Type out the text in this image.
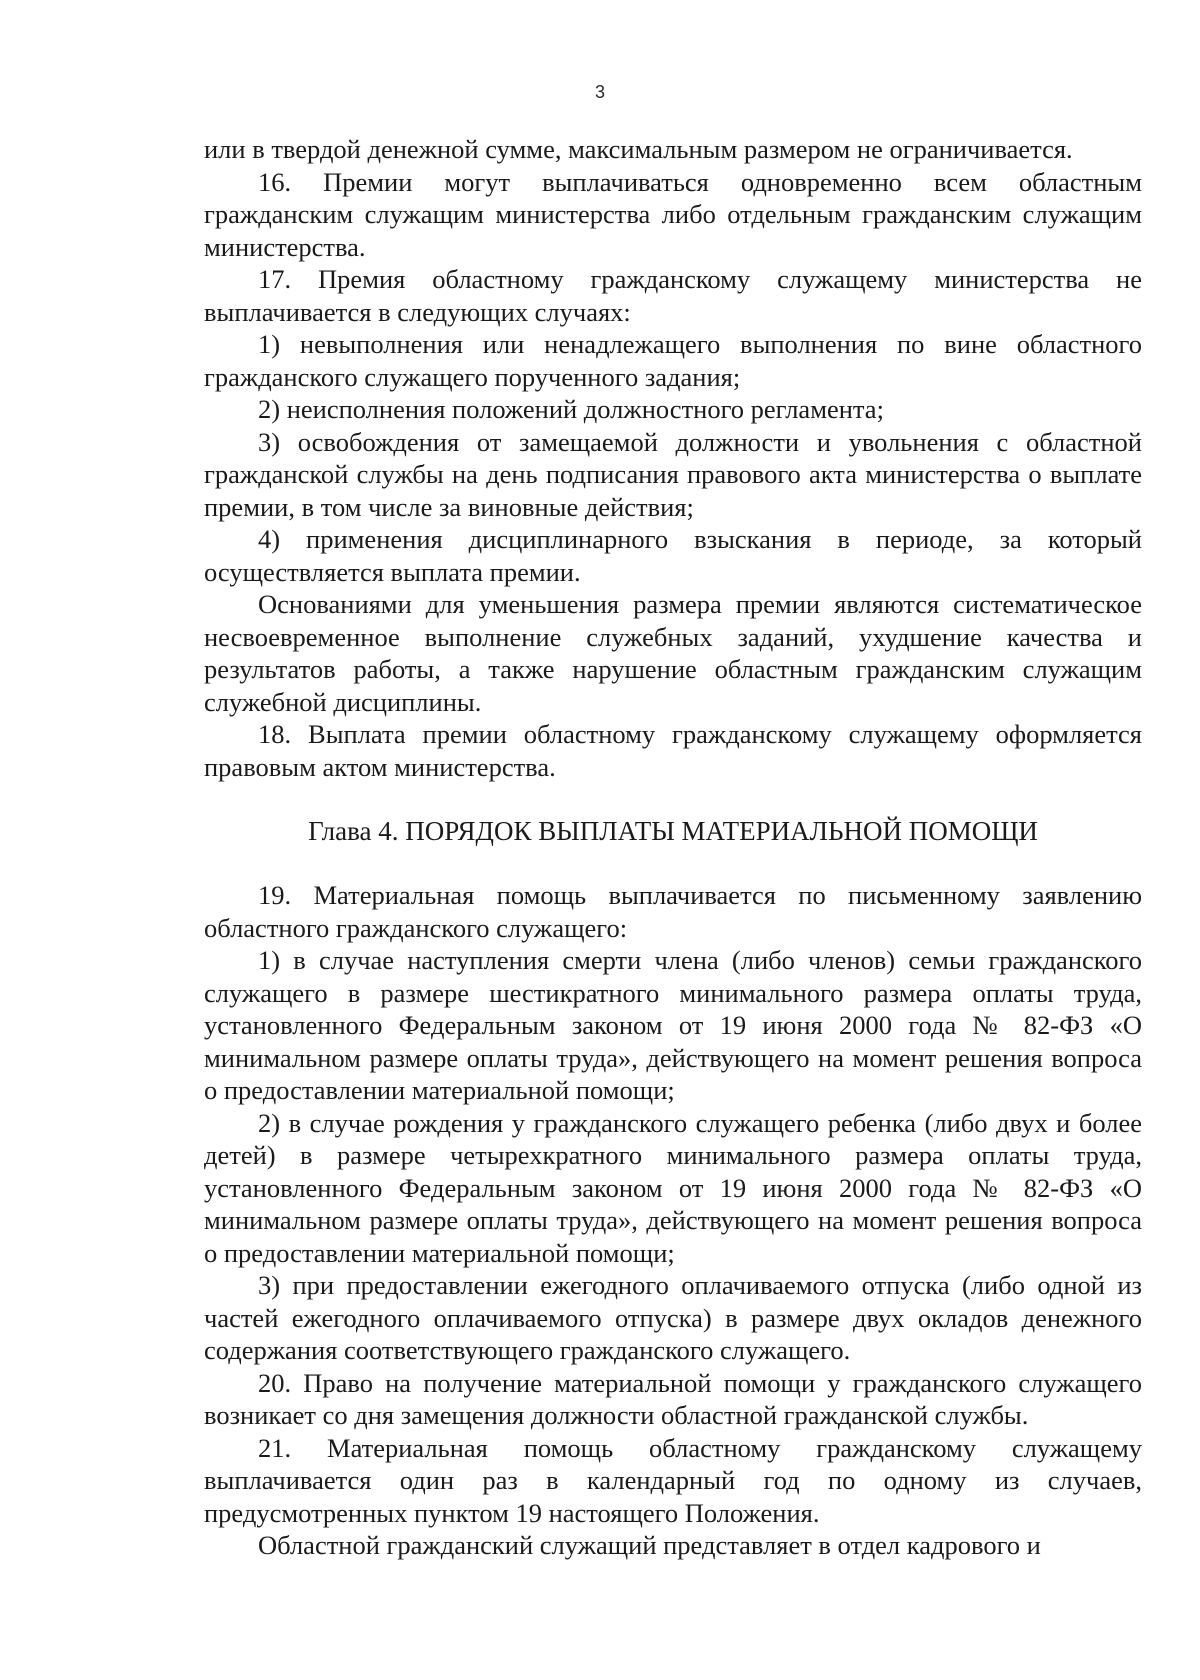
3

или в твердой денежной сумме, максимальным размером не ограничивается.

16. Премии могут выплачиваться одновременно всем областным гражданским служащим министерства либо отдельным гражданским служащим министерства.

17. Премия областному гражданскому служащему министерства не выплачивается в следующих случаях:

1) невыполнения или ненадлежащего выполнения по вине областного гражданского служащего порученного задания;

2) неисполнения положений должностного регламента;

3) освобождения от замещаемой должности и увольнения с областной гражданской службы на день подписания правового акта министерства о выплате премии, в том числе за виновные действия;

4) применения дисциплинарного взыскания в периоде, за который осуществляется выплата премии.

Основаниями для уменьшения размера премии являются систематическое несвоевременное выполнение служебных заданий, ухудшение качества и результатов работы, а также нарушение областным гражданским служащим служебной дисциплины.

18. Выплата премии областному гражданскому служащему оформляется правовым актом министерства.

Глава 4. ПОРЯДОК ВЫПЛАТЫ МАТЕРИАЛЬНОЙ ПОМОЩИ

19. Материальная помощь выплачивается по письменному заявлению областного гражданского служащего:

1) в случае наступления смерти члена (либо членов) семьи гражданского служащего в размере шестикратного минимального размера оплаты труда, установленного Федеральным законом от 19 июня 2000 года № 82-ФЗ «О минимальном размере оплаты труда», действующего на момент решения вопроса о предоставлении материальной помощи;

2) в случае рождения у гражданского служащего ребенка (либо двух и более детей) в размере четырехкратного минимального размера оплаты труда, установленного Федеральным законом от 19 июня 2000 года № 82-ФЗ «О минимальном размере оплаты труда», действующего на момент решения вопроса о предоставлении материальной помощи;

3) при предоставлении ежегодного оплачиваемого отпуска (либо одной из частей ежегодного оплачиваемого отпуска) в размере двух окладов денежного содержания соответствующего гражданского служащего.

20. Право на получение материальной помощи у гражданского служащего возникает со дня замещения должности областной гражданской службы.

21. Материальная помощь областному гражданскому служащему выплачивается один раз в календарный год по одному из случаев, предусмотренных пунктом 19 настоящего Положения.

Областной гражданский служащий представляет в отдел кадрового и
